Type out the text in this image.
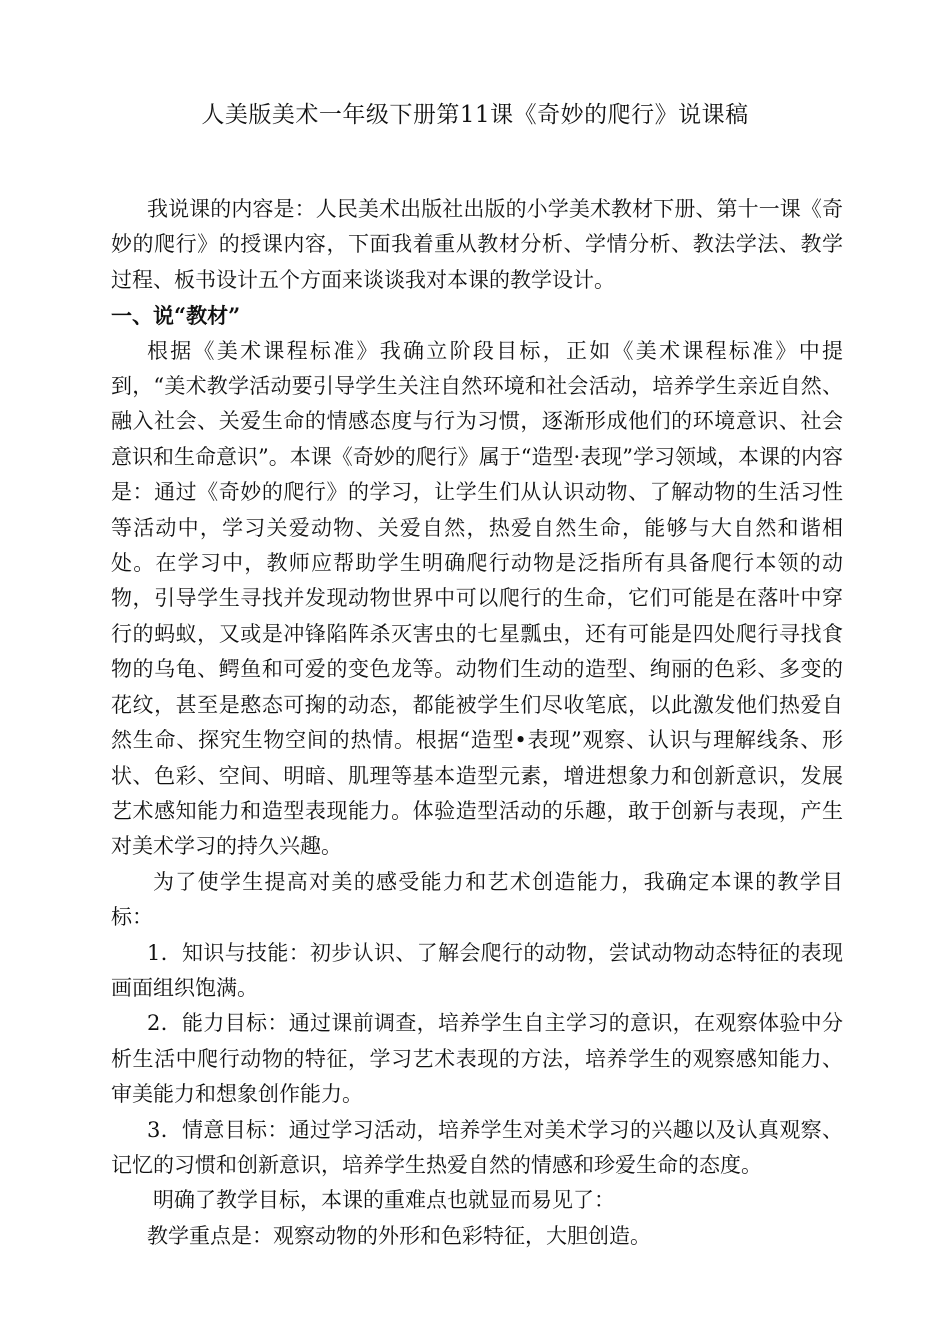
人美版美术一年级下册第11课《奇妙的爬行》说课稿

我说课的内容是：人民美术出版社出版的小学美术教材下册、第十一课《奇妙的爬行》的授课内容，下面我着重从教材分析、学情分析、教法学法、教学过程、板书设计五个方面来谈谈我对本课的教学设计。

一、说“教材”

根据《美术课程标准》我确立阶段目标，正如《美术课程标准》中提到，“美术教学活动要引导学生关注自然环境和社会活动，培养学生亲近自然、融入社会、关爱生命的情感态度与行为习惯，逐渐形成他们的环境意识、社会意识和生命意识”。本课《奇妙的爬行》属于“造型·表现”学习领域，本课的内容是：通过《奇妙的爬行》的学习，让学生们从认识动物、了解动物的生活习性等活动中，学习关爱动物、关爱自然，热爱自然生命，能够与大自然和谐相处。在学习中，教师应帮助学生明确爬行动物是泛指所有具备爬行本领的动物，引导学生寻找并发现动物世界中可以爬行的生命，它们可能是在落叶中穿行的蚂蚁，又或是冲锋陷阵杀灭害虫的七星瓢虫，还有可能是四处爬行寻找食物的乌龟、鳄鱼和可爱的变色龙等。动物们生动的造型、绚丽的色彩、多变的花纹，甚至是憨态可掬的动态，都能被学生们尽收笔底，以此激发他们热爱自然生命、探究生物空间的热情。根据“造型•表现”观察、认识与理解线条、形状、色彩、空间、明暗、肌理等基本造型元素，增进想象力和创新意识，发展艺术感知能力和造型表现能力。体验造型活动的乐趣，敢于创新与表现，产生对美术学习的持久兴趣。

为了使学生提高对美的感受能力和艺术创造能力，我确定本课的教学目标：

1．知识与技能：初步认识、了解会爬行的动物，尝试动物动态特征的表现画面组织饱满。

2．能力目标：通过课前调查，培养学生自主学习的意识，在观察体验中分析生活中爬行动物的特征，学习艺术表现的方法，培养学生的观察感知能力、审美能力和想象创作能力。

3．情意目标：通过学习活动，培养学生对美术学习的兴趣以及认真观察、记忆的习惯和创新意识，培养学生热爱自然的情感和珍爱生命的态度。

明确了教学目标，本课的重难点也就显而易见了：

教学重点是：观察动物的外形和色彩特征，大胆创造。
